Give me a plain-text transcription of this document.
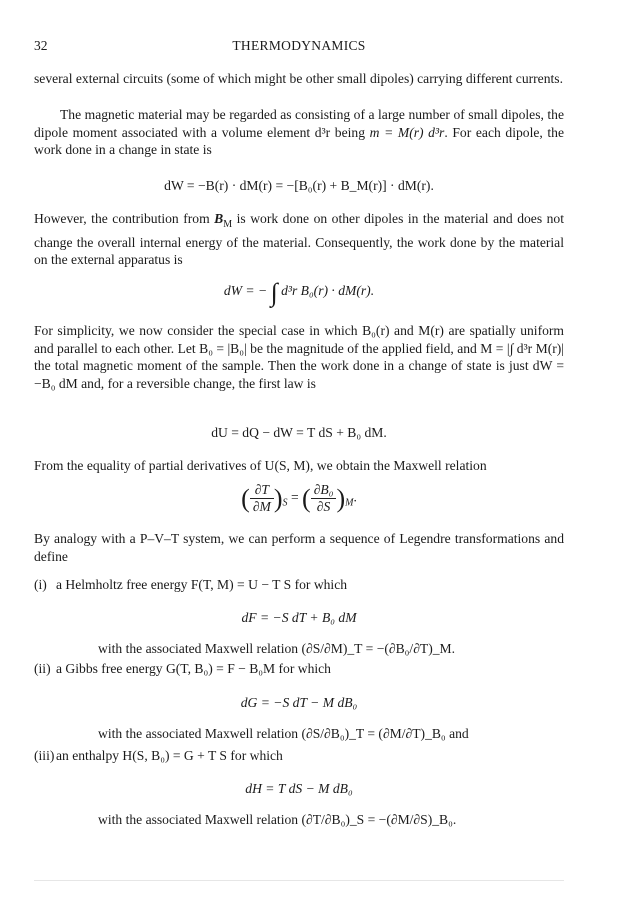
32	THERMODYNAMICS
several external circuits (some of which might be other small dipoles) carrying different currents.
The magnetic material may be regarded as consisting of a large number of small dipoles, the dipole moment associated with a volume element d³r being m = M(r) d³r. For each dipole, the work done in a change in state is
dW = −B(r) · dM(r) = −[B₀(r) + B_M(r)] · dM(r).
However, the contribution from $B_M$ is work done on other dipoles in the material and does not change the overall internal energy of the material. Consequently, the work done by the material on the external apparatus is
dW = − ∫ d³r B₀(r) · dM(r).
For simplicity, we now consider the special case in which B₀(r) and M(r) are spatially uniform and parallel to each other. Let B₀ = |B₀| be the magnitude of the applied field, and M = |∫ d³r M(r)| the total magnetic moment of the sample. Then the work done in a change of state is just dW = −B₀ dM and, for a reversible change, the first law is
dU = dQ − dW = T dS + B₀ dM.
From the equality of partial derivatives of U(S, M), we obtain the Maxwell relation
( $\frac{\partial T}{\partial M} )_S$ = ( $\frac{\text{∂B₀}}{\partial S} )_M$.
By analogy with a P–V–T system, we can perform a sequence of Legendre transformations and define
(i) a Helmholtz free energy F(T, M) = U − T S for which
dF = −S dT + B₀ dM
with the associated Maxwell relation (∂S/∂M)_T = −(∂B₀/∂T)_M.
(ii) a Gibbs free energy G(T, B₀) = F − B₀M for which
dG = −S dT − M dB₀
with the associated Maxwell relation (∂S/∂B₀)_T = (∂M/∂T)_B₀ and
(iii) an enthalpy H(S, B₀) = G + T S for which
dH = T dS − M dB₀
with the associated Maxwell relation (∂T/∂B₀)_S = −(∂M/∂S)_B₀.
